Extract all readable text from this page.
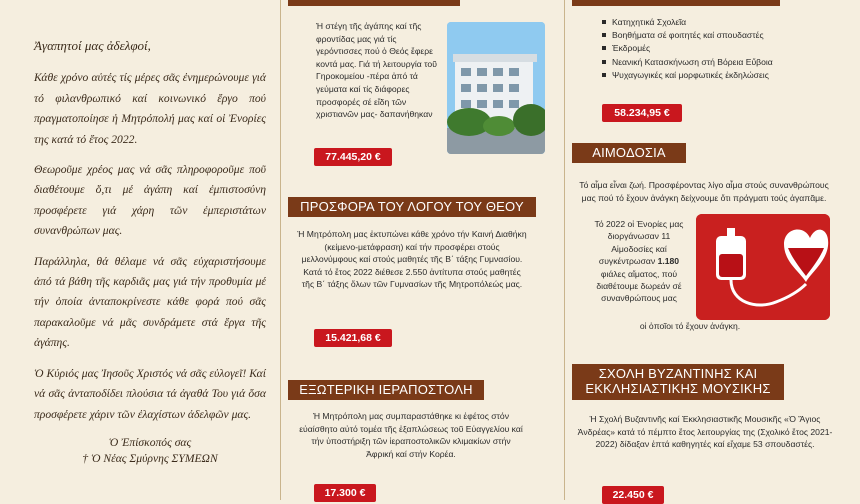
Ἀγαπητοί μας ἀδελφοί,

Κάθε χρόνο αὐτές τίς μέρες σᾶς ἐνημερώνουμε γιά τό φιλανθρωπικό καί κοινωνικό ἔργο πού πραγματοποίησε ἡ Μητρόπολή μας καί οἱ Ἐνορίες της κατά τό ἔτος 2022.

Θεωροῦμε χρέος μας νά σᾶς πληροφοροῦμε ποῦ διαθέτουμε ὅ,τι μέ ἀγάπη καί ἐμπιστοσύνη προσφέρετε γιά χάρη τῶν ἐμπεριστάτων συνανθρώπων μας.

Παράλληλα, θά θέλαμε νά σᾶς εὐχαριστήσουμε ἀπό τά βάθη τῆς καρδιᾶς μας γιά τήν προθυμία μέ τήν ὁποία ἀνταποκρίνεστε κάθε φορά πού σᾶς παρακαλοῦμε νά μᾶς συνδράμετε στά ἔργα τῆς ἀγάπης.

Ὁ Κύριός μας Ἰησοῦς Χριστός νά σᾶς εὐλογεῖ! Καί νά σᾶς ἀνταποδίδει πλούσια τά ἀγαθά Του γιά ὅσα προσφέρετε χάριν τῶν ἐλαχίστων ἀδελφῶν μας.

Ὁ Ἐπίσκοπός σας

† Ὁ Νέας Σμύρνης ΣΥΜΕΩΝ

Ἡ στέγη τῆς ἀγάπης καί τῆς φροντίδας μας γιά τίς γερόντισσες πού ὁ Θεός ἔφερε κοντά μας. Γιά τή λειτουργία τοῦ Γηροκομείου -πέρα ἀπό τά γεύματα καί τίς διάφορες προσφορές σέ εἴδη τῶν χριστιανῶν μας- δαπανήθηκαν
77.445,20 €
ΠΡΟΣΦΟΡΑ ΤΟΥ ΛΟΓΟΥ ΤΟΥ ΘΕΟΥ
Ἡ Μητρόπολη μας ἐκτυπώνει κάθε χρόνο τήν Καινή Διαθήκη (κείμενο-μετάφραση) καί τήν προσφέρει στούς μελλονύμφους καί στούς μαθητές τῆς Β΄ τάξης Γυμνασίου. Κατά τό ἔτος 2022 διέθεσε 2.550 ἀντίτυπα στούς μαθητές τῆς Β΄ τάξης ὅλων τῶν Γυμνασίων τῆς Μητροπόλεώς μας.
15.421,68 €
ΕΞΩΤΕΡΙΚΗ ΙΕΡΑΠΟΣΤΟΛΗ
Ἡ Μητρόπολη μας συμπαραστάθηκε κι ἐφέτος στόν εὐαίσθητο αὐτό τομέα τῆς ἐξαπλώσεως τοῦ Εὐαγγελίου καί τήν ὑποστήριξη τῶν ἱεραποστολικῶν κλιμακίων στήν Ἀφρική καί στήν Κορέα.
17.300 €
Κατηχητικά Σχολεῖα
Βοηθήματα σέ φοιτητές καί σπουδαστές
Ἐκδρομές
Νεανική Κατασκήνωση στή Βόρεια Εὔβοια
Ψυχαγωγικές καί μορφωτικές ἐκδηλώσεις
58.234,95 €
ΑΙΜΟΔΟΣΙΑ
Τό αἷμα εἶναι ζωή. Προσφέροντας λίγο αἷμα στούς συνανθρώπους μας πού τό ἔχουν ἀνάγκη δείχνουμε ὅτι πράγματι τούς ἀγαπᾶμε.
Τό 2022 οἱ Ἐνορίες μας διοργάνωσαν 11 Αἱμοδοσίες καί συγκέντρωσαν 1.180 φιάλες αἵματος, πού διαθέτουμε δωρεάν σέ συνανθρώπους μας
οἱ ὁποῖοι τό ἔχουν ἀνάγκη.
ΣΧΟΛΗ ΒΥΖΑΝΤΙΝΗΣ ΚΑΙ
ΕΚΚΛΗΣΙΑΣΤΙΚΗΣ ΜΟΥΣΙΚΗΣ
Ἡ Σχολή Βυζαντινῆς καί Ἐκκλησιαστικῆς Μουσικῆς «Ὁ Ἅγιος Ἀνδρέας» κατά τό πέμπτο ἔτος λειτουργίας της (Σχολικό ἔτος 2021-2022) δίδαξαν ἑπτά καθηγητές καί εἴχαμε 53 σπουδαστές.
22.450 €
